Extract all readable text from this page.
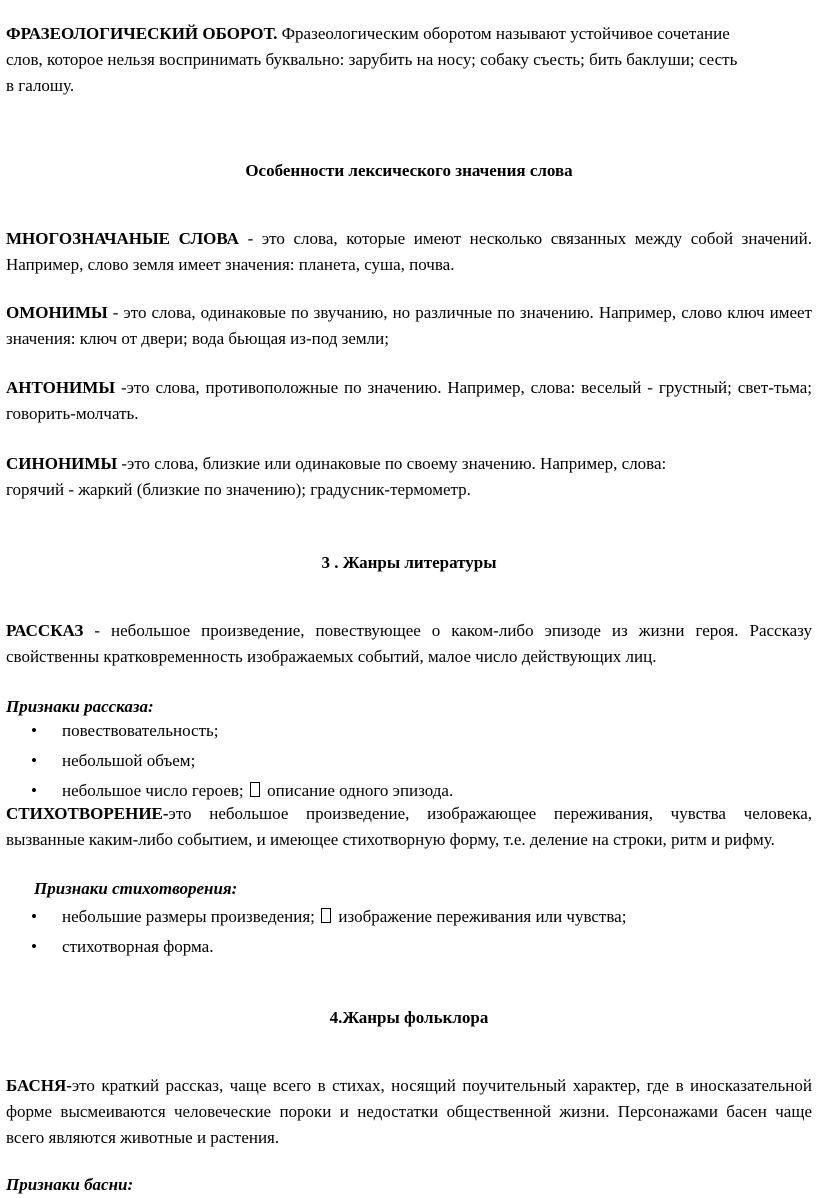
ФРАЗЕОЛОГИЧЕСКИЙ ОБОРОТ. Фразеологическим оборотом называют устойчивое сочетание
слов, которое нельзя воспринимать буквально: зарубить на носу; собаку съесть; бить баклуши; сесть
в галошу.

Особенности лексического значения слова

МНОГОЗНАЧАНЫЕ СЛОВА - это слова, которые имеют несколько связанных между собой значений. Например, слово земля имеет значения: планета, суша, почва.

ОМОНИМЫ - это слова, одинаковые по звучанию, но различные по значению. Например, слово ключ имеет значения: ключ от двери; вода бьющая из-под земли;

АНТОНИМЫ -это слова, противоположные по значению. Например, слова: веселый - грустный; свет-тьма; говорить-молчать.

СИНОНИМЫ -это слова, близкие или одинаковые по своему значению. Например, слова:
горячий - жаркий (близкие по значению); градусник-термометр.

3 . Жанры литературы

РАССКАЗ - небольшое произведение, повествующее о каком-либо эпизоде из жизни героя. Рассказу свойственны кратковременность изображаемых событий, малое число действующих лиц.

Признаки рассказа:

• повествовательность;
• небольшой объем;
• небольшое число героев; описание одного эпизода.

СТИХОТВОРЕНИЕ-это небольшое произведение, изображающее переживания, чувства человека, вызванные каким-либо событием, и имеющее стихотворную форму, т.е. деление на строки, ритм и рифму.

Признаки стихотворения:

• небольшие размеры произведения; изображение переживания или чувства;
• стихотворная форма.

4.Жанры фольклора

БАСНЯ-это краткий рассказ, чаще всего в стихах, носящий поучительный характер, где в иносказательной форме высмеиваются человеческие пороки и недостатки общественной жизни. Персонажами басен чаще всего являются животные и растения.

Признаки басни:
